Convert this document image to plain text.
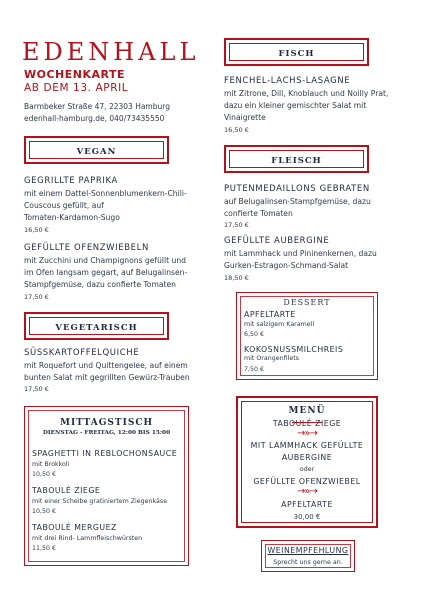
EDENHALL
WOCHENKARTE
AB DEM 13. APRIL
Barmbeker Straße 47, 22303 Hamburg
edenhall-hamburg.de, 040/73435550
VEGAN
GEGRILLTE PAPRIKA
mit einem Dattel-Sonnenblumenkern-Chili-
Couscous gefüllt, auf
Tomaten-Kardamon-Sugo
16,50 €
GEFÜLLTE OFENZWIEBELN
mit Zucchini und Champignons gefüllt und
im Ofen langsam gegart, auf Belugalinsen-
Stampfgemüse, dazu confierte Tomaten
17,50 €
VEGETARISCH
SÜSSKARTOFFELQUICHE
mit Roquefort und Quittengelee, auf einem
bunten Salat mit gegrillten Gewürz-Trauben
17,50 €
MITTAGSTISCH
DIENSTAG - FREITAG, 12:00 BIS 15:00
SPAGHETTI IN REBLOCHONSAUCE
mit Brokkoli
10,50 €
TABOULÉ ZIEGE
mit einer Scheibe gratiniertem Ziegenkäse
10,50 €
TABOULÉ MERGUEZ
mit drei Rind- Lammfleischwürsten
11,50 €
FISCH
FENCHEL-LACHS-LASAGNE
mit Zitrone, Dill, Knoblauch und Noilly Prat,
dazu ein kleiner gemischter Salat mit
Vinaigrette
16,50 €
FLEISCH
PUTENMEDAILLONS GEBRATEN
auf Belugalinsen-Stampfgemüse, dazu
confierte Tomaten
17,50 €
GEFÜLLTE AUBERGINE
mit Lammhack und Pininenkernen, dazu
Gurken-Estragon-Schmand-Salat
18,50 €
DESSERT
APFELTARTE
mit salzigem Karamell
6,50 €
KOKOSNUSSMILCHREIS
mit Orangenfilets
7,50 €
MENÜ
TABOULÉ ZIEGE
→»→
MIT LAMMHACK GEFÜLLTE
AUBERGINE
oder
GEFÜLLTE OFENZWIEBEL
→»→
APFELTARTE
30,00 €
WEINEMPFEHLUNG
Sprecht uns gerne an.
